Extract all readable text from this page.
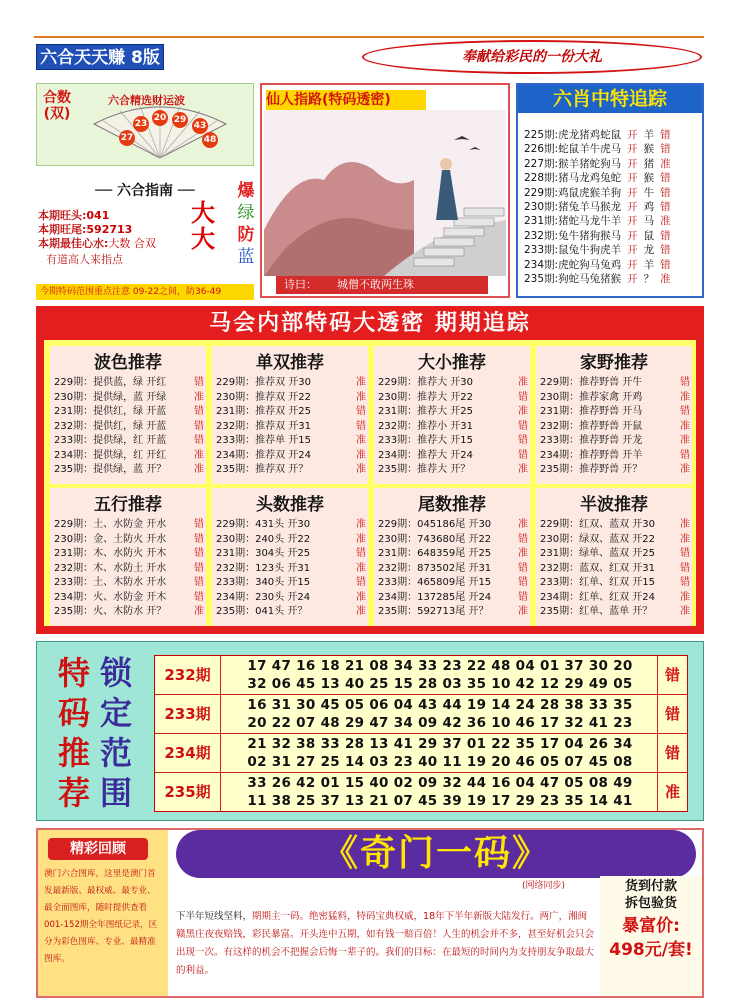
六合天天赚 8版	奉献给彩民的一份大礼
合数(双)
六合精选财运波
27
23
20 29
43
48
── 六合指南 ──
本期旺头:041
本期旺尾:592713
本期最佳心水:大数 合双
有道高人来指点
大
大
爆
绿
防
蓝
今期特码范围重点注意 09-22之间，防36-49
仙人指路(特码透密)
诗曰： 城僧不敢两生珠
六肖中特追踪
225期:虎龙猪鸡蛇鼠 开 羊 错
226期:蛇鼠羊牛虎马 开 猴 错
227期:猴羊猪蛇狗马 开 猪 准
228期:猪马龙鸡兔蛇 开 猴 错
229期:鸡鼠虎猴羊狗 开 牛 错
230期:猪兔羊马猴龙 开 鸡 错
231期:猪蛇马龙牛羊 开 马 准
232期:兔牛猪狗猴马 开 鼠 错
233期:鼠兔牛狗虎羊 开 龙 错
234期:虎蛇狗马兔鸡 开 羊 错
235期:狗蛇马兔猪猴 开 ？ 准
马会内部特码大透密 期期追踪
波色推荐
229期：提供蓝，绿 开红	错
230期：提供绿，蓝 开绿	准
231期：提供红，绿 开蓝	错
232期：提供红，绿 开蓝	错
233期：提供绿，红 开蓝	错
234期：提供绿，红 开红	准
235期：提供绿，蓝 开？	准
单双推荐
229期：推荐双 开30	准
230期：推荐双 开22	准
231期：推荐双 开25	错
232期：推荐双 开31	错
233期：推荐单 开15	准
234期：推荐双 开24	准
235期：推荐双 开？	准
大小推荐
229期：推荐大 开30	准
230期：推荐大 开22	错
231期：推荐大 开25	准
232期：推荐小 开31	错
233期：推荐大 开15	错
234期：推荐大 开24	错
235期：推荐大 开？	准
家野推荐
229期：推荐野兽 开牛	错
230期：推荐家禽 开鸡	准
231期：推荐野兽 开马	错
232期：推荐野兽 开鼠	准
233期：推荐野兽 开龙	准
234期：推荐野兽 开羊	错
235期：推荐野兽 开？	准
五行推荐
229期：土、水防金 开水	错
230期：金、土防火 开水	错
231期：木、水防火 开木	错
232期：木、水防土 开水	错
233期：土、木防水 开水	错
234期：火、水防金 开木	错
235期：火、木防水 开？	准
头数推荐
229期：431头 开30	准
230期：240头 开22	准
231期：304头 开25	错
232期：123头 开31	准
233期：340头 开15	错
234期：230头 开24	准
235期：041头 开？	准
尾数推荐
229期：045186尾 开30	准
230期：743680尾 开22	错
231期：648359尾 开25	准
232期：873502尾 开31	错
233期：465809尾 开15	错
234期：137285尾 开24	错
235期：592713尾 开？	准
半波推荐
229期：红双、蓝双 开30	准
230期：绿双、蓝双 开22	准
231期：绿单、蓝双 开25	错
232期：蓝双、红双 开31	错
233期：红单、红双 开15	错
234期：红单、红双 开24	准
235期：红单、蓝单 开？	准
特
码
推
荐
锁
定
范
围
232期	17 47 16 18 21 08 34 33 23 22 48 04 01 37 30 20
32 06 45 13 40 25 15 28 03 35 10 42 12 29 49 05	错
233期	16 31 30 45 05 06 04 43 44 19 14 24 28 38 33 35
20 22 07 48 29 47 34 09 42 36 10 46 17 32 41 23	错
234期	21 32 38 33 28 13 41 29 37 01 22 35 17 04 26 34
02 31 27 25 14 03 23 40 11 19 20 46 05 07 45 08	错
235期	33 26 42 01 15 40 02 09 32 44 16 04 47 05 08 49
11 38 25 37 13 21 07 45 39 19 17 29 23 35 14 41	准
精彩回顾
澳门六合图库，这里是澳门首发最新版、最权威、最专业、最全面图库，随时提供查看001-152期全年图纸记录，区分为彩色图库、专业、最精准图库。
《奇门一码》
(网络同步)
下半年短线坚料，期期主一码。绝密猛料，特码宝典权威，18年下半年新版大陆发行。两广，湘闽赣黑庄夜夜赔钱，彩民暴富。开头连中五期，如有钱一赔百倍！人生的机会并不多，甚至好机会只会出现一次。有这样的机会不把握会后悔一辈子的。我们的目标：在最短的时间内为支持朋友争取最大的利益。
货到付款
拆包验货
暴富价:
498元/套!
